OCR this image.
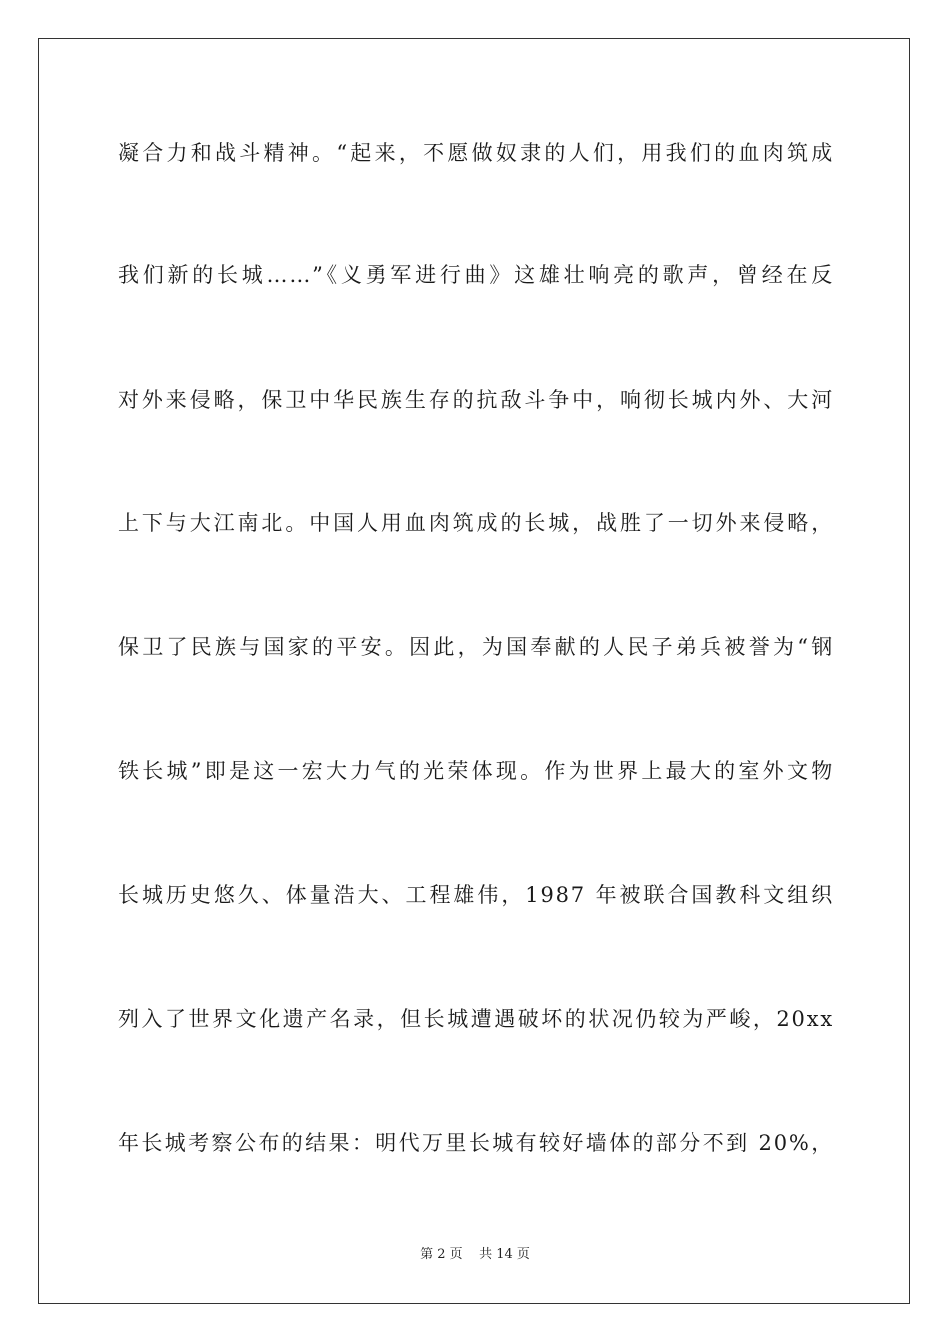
凝合力和战斗精神。“起来，不愿做奴隶的人们，用我们的血肉筑成
我们新的长城……”《义勇军进行曲》这雄壮响亮的歌声，曾经在反
对外来侵略，保卫中华民族生存的抗敌斗争中，响彻长城内外、大河
上下与大江南北。中国人用血肉筑成的长城，战胜了一切外来侵略，
保卫了民族与国家的平安。因此，为国奉献的人民子弟兵被誉为“钢
铁长城”即是这一宏大力气的光荣体现。作为世界上最大的室外文物
长城历史悠久、体量浩大、工程雄伟，1987 年被联合国教科文组织
列入了世界文化遗产名录，但长城遭遇破坏的状况仍较为严峻，20xx
年长城考察公布的结果：明代万里长城有较好墙体的部分不到 20%，
第 2 页    共 14 页
